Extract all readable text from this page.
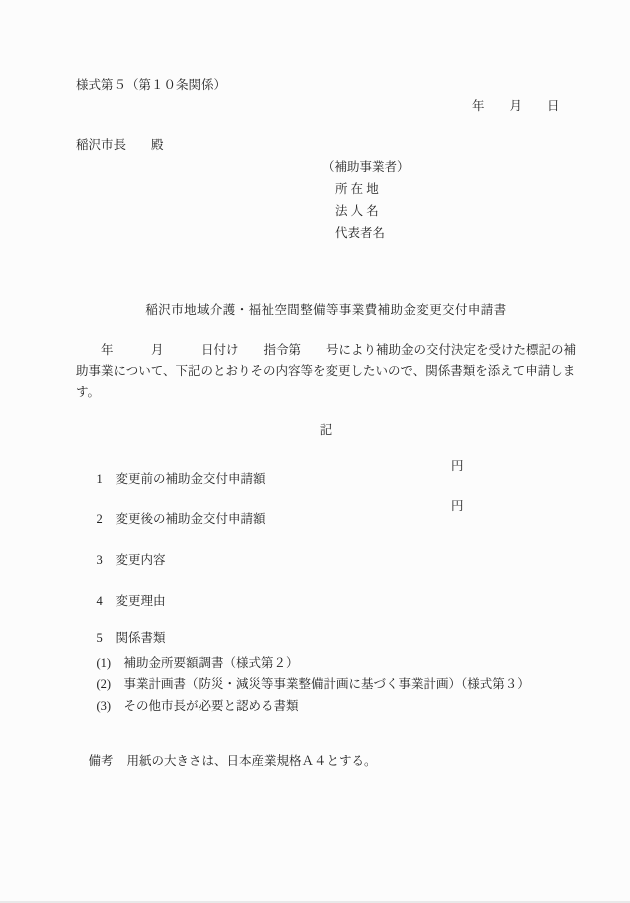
様式第５（第１０条関係）
年　　月　　日
稲沢市長　　殿
（補助事業者）
所 在 地
法 人 名
代表者名
稲沢市地域介護・福祉空間整備等事業費補助金変更交付申請書
　　年　　　月　　　日付け　　指令第　　号により補助金の交付決定を受けた標記の補
助事業について、下記のとおりその内容等を変更したいので、関係書類を添えて申請しま
す。
記

1 変更前の補助金交付申請額

円

2 変更後の補助金交付申請額

円

3 変更内容

4 変更理由

5 関係書類

(1) 補助金所要額調書（様式第２）

(2) 事業計画書（防災・減災等事業整備計画に基づく事業計画）（様式第３）

(3) その他市長が必要と認める書類

備考 用紙の大きさは、日本産業規格Ａ４とする。
